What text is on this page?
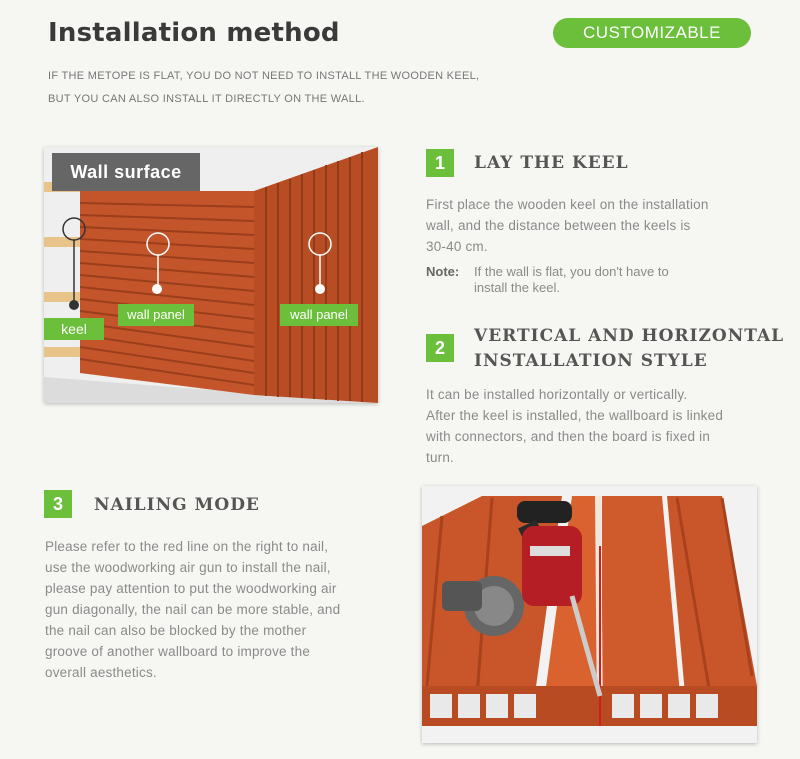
Installation method	CUSTOMIZABLE
IF THE METOPE IS FLAT, YOU DO NOT NEED TO INSTALL THE WOODEN KEEL,
BUT YOU CAN ALSO INSTALL IT DIRECTLY ON THE WALL.
Wall surface
keel
wall panel	wall panel
1	LAY THE KEEL
First place the wooden keel on the installation
wall, and the distance between the keels is
30-40 cm.
Note: If the wall is flat, you don't have to
install the keel.
2
VERTICAL AND HORIZONTAL
INSTALLATION STYLE
It can be installed horizontally or vertically.
After the keel is installed, the wallboard is linked
with connectors, and then the board is fixed in
turn.
3	NAILING MODE
Please refer to the red line on the right to nail,
use the woodworking air gun to install the nail,
please pay attention to put the woodworking air
gun diagonally, the nail can be more stable, and
the nail can also be blocked by the mother
groove of another wallboard to improve the
overall aesthetics.
